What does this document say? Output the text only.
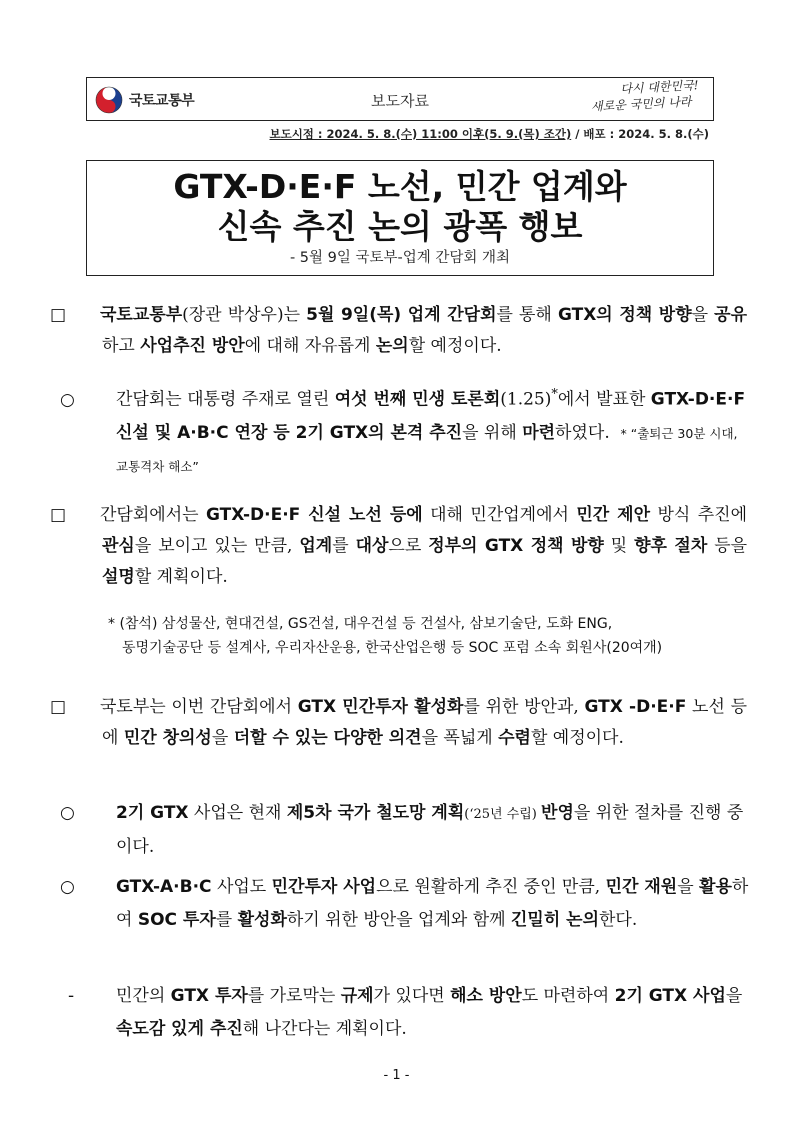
국토교통부	보도자료
다시 대한민국!
새로운 국민의 나라
보도시점 : 2024. 5. 8.(수) 11:00 이후(5. 9.(목) 조간) / 배포 : 2024. 5. 8.(수)
GTX-D·E·F 노선, 민간 업계와
신속 추진 논의 광폭 행보
- 5월 9일 국토부-업계 간담회 개최
□ 국토교통부(장관 박상우)는 5월 9일(목) 업계 간담회를 통해 GTX의 정책 방향을 공유하고 사업추진 방안에 대해 자유롭게 논의할 예정이다.
○ 간담회는 대통령 주재로 열린 여섯 번째 민생 토론회(1.25)*에서 발표한 GTX-D·E·F 신설 및 A·B·C 연장 등 2기 GTX의 본격 추진을 위해 마련하였다. * “출퇴근 30분 시대, 교통격차 해소”
□ 간담회에서는 GTX-D·E·F 신설 노선 등에 대해 민간업계에서 민간 제안 방식 추진에 관심을 보이고 있는 만큼, 업계를 대상으로 정부의 GTX 정책 방향 및 향후 절차 등을 설명할 계획이다.
* (참석) 삼성물산, 현대건설, GS건설, 대우건설 등 건설사, 삼보기술단, 도화 ENG,
동명기술공단 등 설계사, 우리자산운용, 한국산업은행 등 SOC 포럼 소속 회원사(20여개)
□ 국토부는 이번 간담회에서 GTX 민간투자 활성화를 위한 방안과, GTX -D·E·F 노선 등에 민간 창의성을 더할 수 있는 다양한 의견을 폭넓게 수렴할 예정이다.
○ 2기 GTX 사업은 현재 제5차 국가 철도망 계획(‘25년 수립) 반영을 위한 절차를 진행 중이다.
○ GTX-A·B·C 사업도 민간투자 사업으로 원활하게 추진 중인 만큼, 민간 재원을 활용하여 SOC 투자를 활성화하기 위한 방안을 업계와 함께 긴밀히 논의한다.
- 민간의 GTX 투자를 가로막는 규제가 있다면 해소 방안도 마련하여 2기 GTX 사업을 속도감 있게 추진해 나간다는 계획이다.
- 1 -
